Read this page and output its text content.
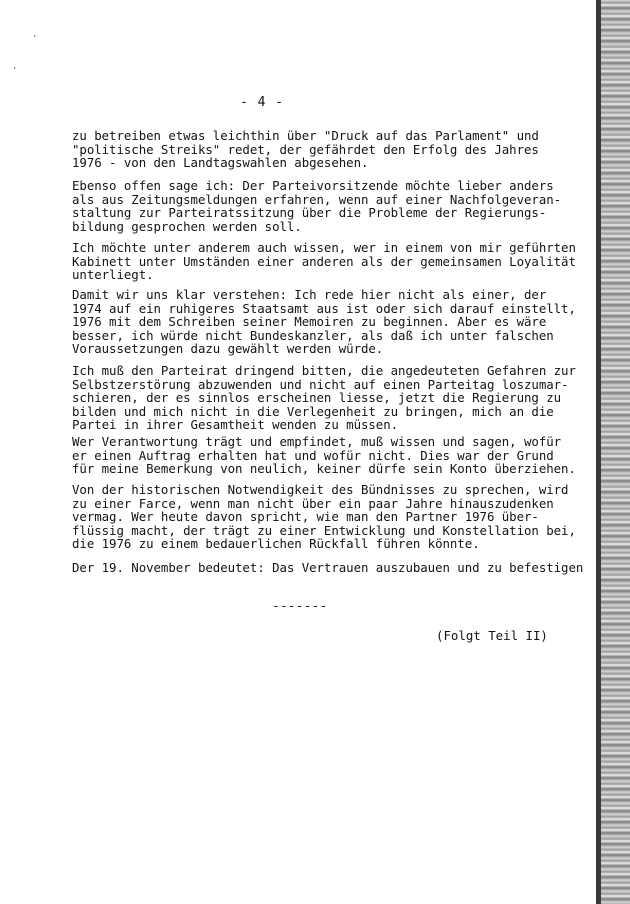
·
·
- 4 -
zu betreiben etwas leichthin über "Druck auf das Parlament" und
"politische Streiks" redet, der gefährdet den Erfolg des Jahres
1976 - von den Landtagswahlen abgesehen.
Ebenso offen sage ich: Der Parteivorsitzende möchte lieber anders
als aus Zeitungsmeldungen erfahren, wenn auf einer Nachfolgeveran-
staltung zur Parteiratssitzung über die Probleme der Regierungs-
bildung gesprochen werden soll.
Ich möchte unter anderem auch wissen, wer in einem von mir geführten
Kabinett unter Umständen einer anderen als der gemeinsamen Loyalität
unterliegt.
Damit wir uns klar verstehen: Ich rede hier nicht als einer, der
1974 auf ein ruhigeres Staatsamt aus ist oder sich darauf einstellt,
1976 mit dem Schreiben seiner Memoiren zu beginnen. Aber es wäre
besser, ich würde nicht Bundeskanzler, als daß ich unter falschen
Voraussetzungen dazu gewählt werden würde.
Ich muß den Parteirat dringend bitten, die angedeuteten Gefahren zur
Selbstzerstörung abzuwenden und nicht auf einen Parteitag loszumar-
schieren, der es sinnlos erscheinen liesse, jetzt die Regierung zu
bilden und mich nicht in die Verlegenheit zu bringen, mich an die
Partei in ihrer Gesamtheit wenden zu müssen.
Wer Verantwortung trägt und empfindet, muß wissen und sagen, wofür
er einen Auftrag erhalten hat und wofür nicht. Dies war der Grund
für meine Bemerkung von neulich, keiner dürfe sein Konto überziehen.
Von der historischen Notwendigkeit des Bündnisses zu sprechen, wird
zu einer Farce, wenn man nicht über ein paar Jahre hinauszudenken
vermag. Wer heute davon spricht, wie man den Partner 1976 über-
flüssig macht, der trägt zu einer Entwicklung und Konstellation bei,
die 1976 zu einem bedauerlichen Rückfall führen könnte.
Der 19. November bedeutet: Das Vertrauen auszubauen und zu befestigen
-------
(Folgt Teil II)
